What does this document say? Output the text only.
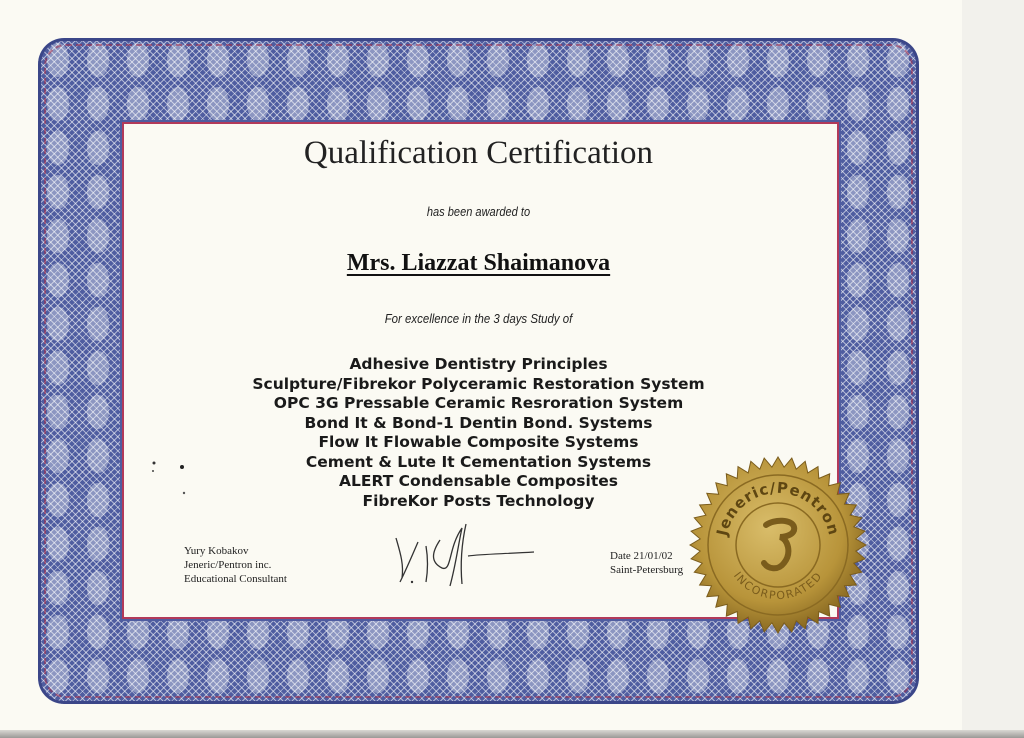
Qualification Certification
has been awarded to
Mrs. Liazzat Shaimanova
For excellence in the 3 days Study of
Adhesive Dentistry Principles
Sculpture/Fibrekor Polyceramic Restoration System
OPC 3G Pressable Ceramic Resroration System
Bond It & Bond-1 Dentin Bond. Systems
Flow It Flowable Composite Systems
Cement & Lute It Cementation Systems
ALERT Condensable Composites
FibreKor Posts Technology
Yury Kobakov
Jeneric/Pentron inc.
Educational Consultant
Date 21/01/02
Saint-Petersburg
Jeneric/Pentron
INCORPORATED
